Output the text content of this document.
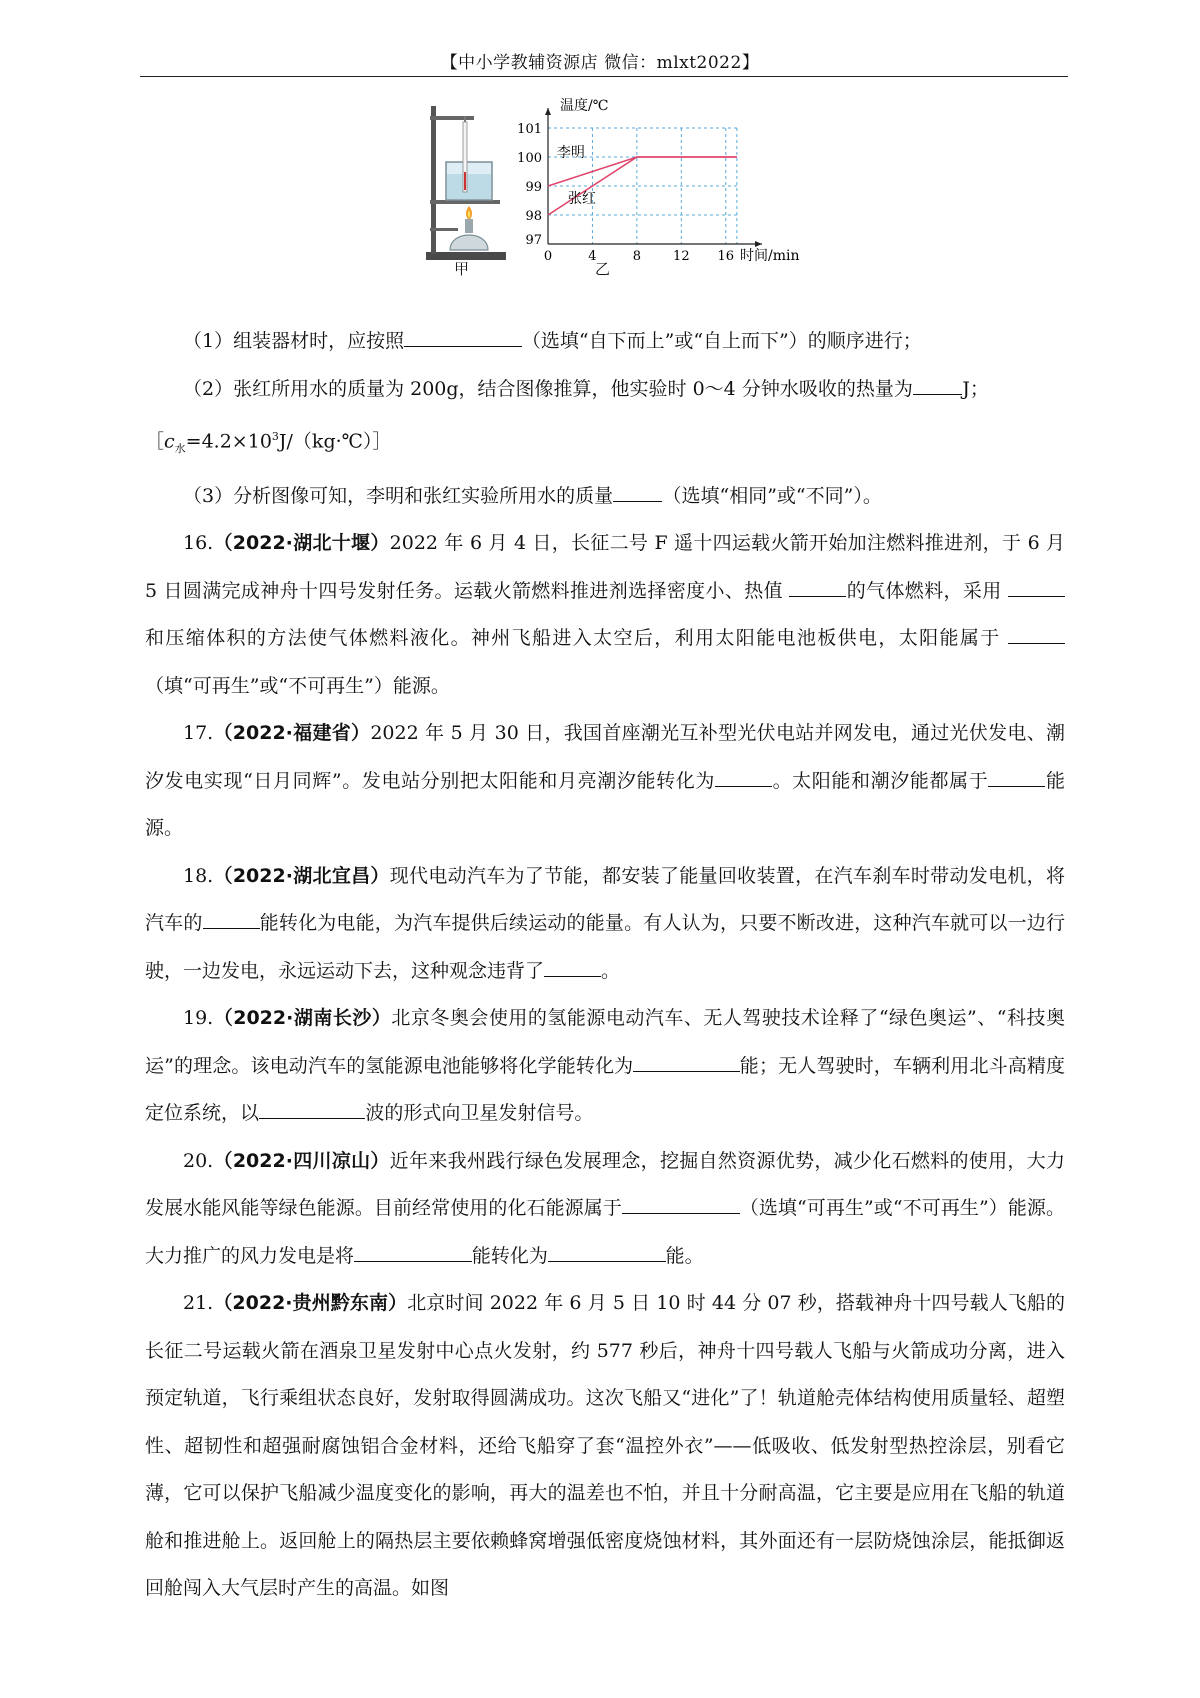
【中小学教辅资源店 微信：mlxt2022】
甲
0	4	8 12 16
97
98
99
100
101
温度/℃
时间/min
李明
张红
乙

（1）组装器材时，应按照	（选填“自下而上”或“自上而下”）的顺序进行；

（2）张红所用水的质量为 200g，结合图像推算，他实验时 0～4 分钟水吸收的热量为	J；

$[c_水=4.2\times 10^3J/(kg\cdot℃)]$

（3）分析图像可知，李明和张红实验所用水的质量	（选填“相同”或“不同”）。

16.（2022·湖北十堰）2022 年 6 月 4 日，长征二号 F 遥十四运载火箭开始加注燃料推进剂，于 6 月 5 日圆满完成神舟十四号发射任务。运载火箭燃料推进剂选择密度小、热值	的气体燃料，采用 和压缩体积的方法使气体燃料液化。神州飞船进入太空后，利用太阳能电池板供电，太阳能属于 （填“可再生”或“不可再生”）能源。

17.（2022·福建省）2022 年 5 月 30 日，我国首座潮光互补型光伏电站并网发电，通过光伏发电、潮汐发电实现“日月同辉”。发电站分别把太阳能和月亮潮汐能转化为	。太阳能和潮汐能都属于	能源。

18.（2022·湖北宜昌）现代电动汽车为了节能，都安装了能量回收装置，在汽车刹车时带动发电机，将汽车的	能转化为电能，为汽车提供后续运动的能量。有人认为，只要不断改进，这种汽车就可以一边行驶，一边发电，永远运动下去，这种观念违背了	。

19.（2022·湖南长沙）北京冬奥会使用的氢能源电动汽车、无人驾驶技术诠释了“绿色奥运”、“科技奥运”的理念。该电动汽车的氢能源电池能够将化学能转化为	能；无人驾驶时，车辆利用北斗高精度定位系统，以	波的形式向卫星发射信号。

20.（2022·四川凉山）近年来我州践行绿色发展理念，挖掘自然资源优势，减少化石燃料的使用，大力发展水能风能等绿色能源。目前经常使用的化石能源属于	（选填“可再生”或“不可再生”）能源。大力推广的风力发电是将	能转化为	能。

21.（2022·贵州黔东南）北京时间 2022 年 6 月 5 日 10 时 44 分 07 秒，搭载神舟十四号载人飞船的长征二号运载火箭在酒泉卫星发射中心点火发射，约 577 秒后，神舟十四号载人飞船与火箭成功分离，进入预定轨道，飞行乘组状态良好，发射取得圆满成功。这次飞船又“进化”了！轨道舱壳体结构使用质量轻、超塑性、超韧性和超强耐腐蚀铝合金材料，还给飞船穿了套“温控外衣”——低吸收、低发射型热控涂层，别看它薄，它可以保护飞船减少温度变化的影响，再大的温差也不怕，并且十分耐高温，它主要是应用在飞船的轨道舱和推进舱上。返回舱上的隔热层主要依赖蜂窝增强低密度烧蚀材料，其外面还有一层防烧蚀涂层，能抵御返回舱闯入大气层时产生的高温。如图
